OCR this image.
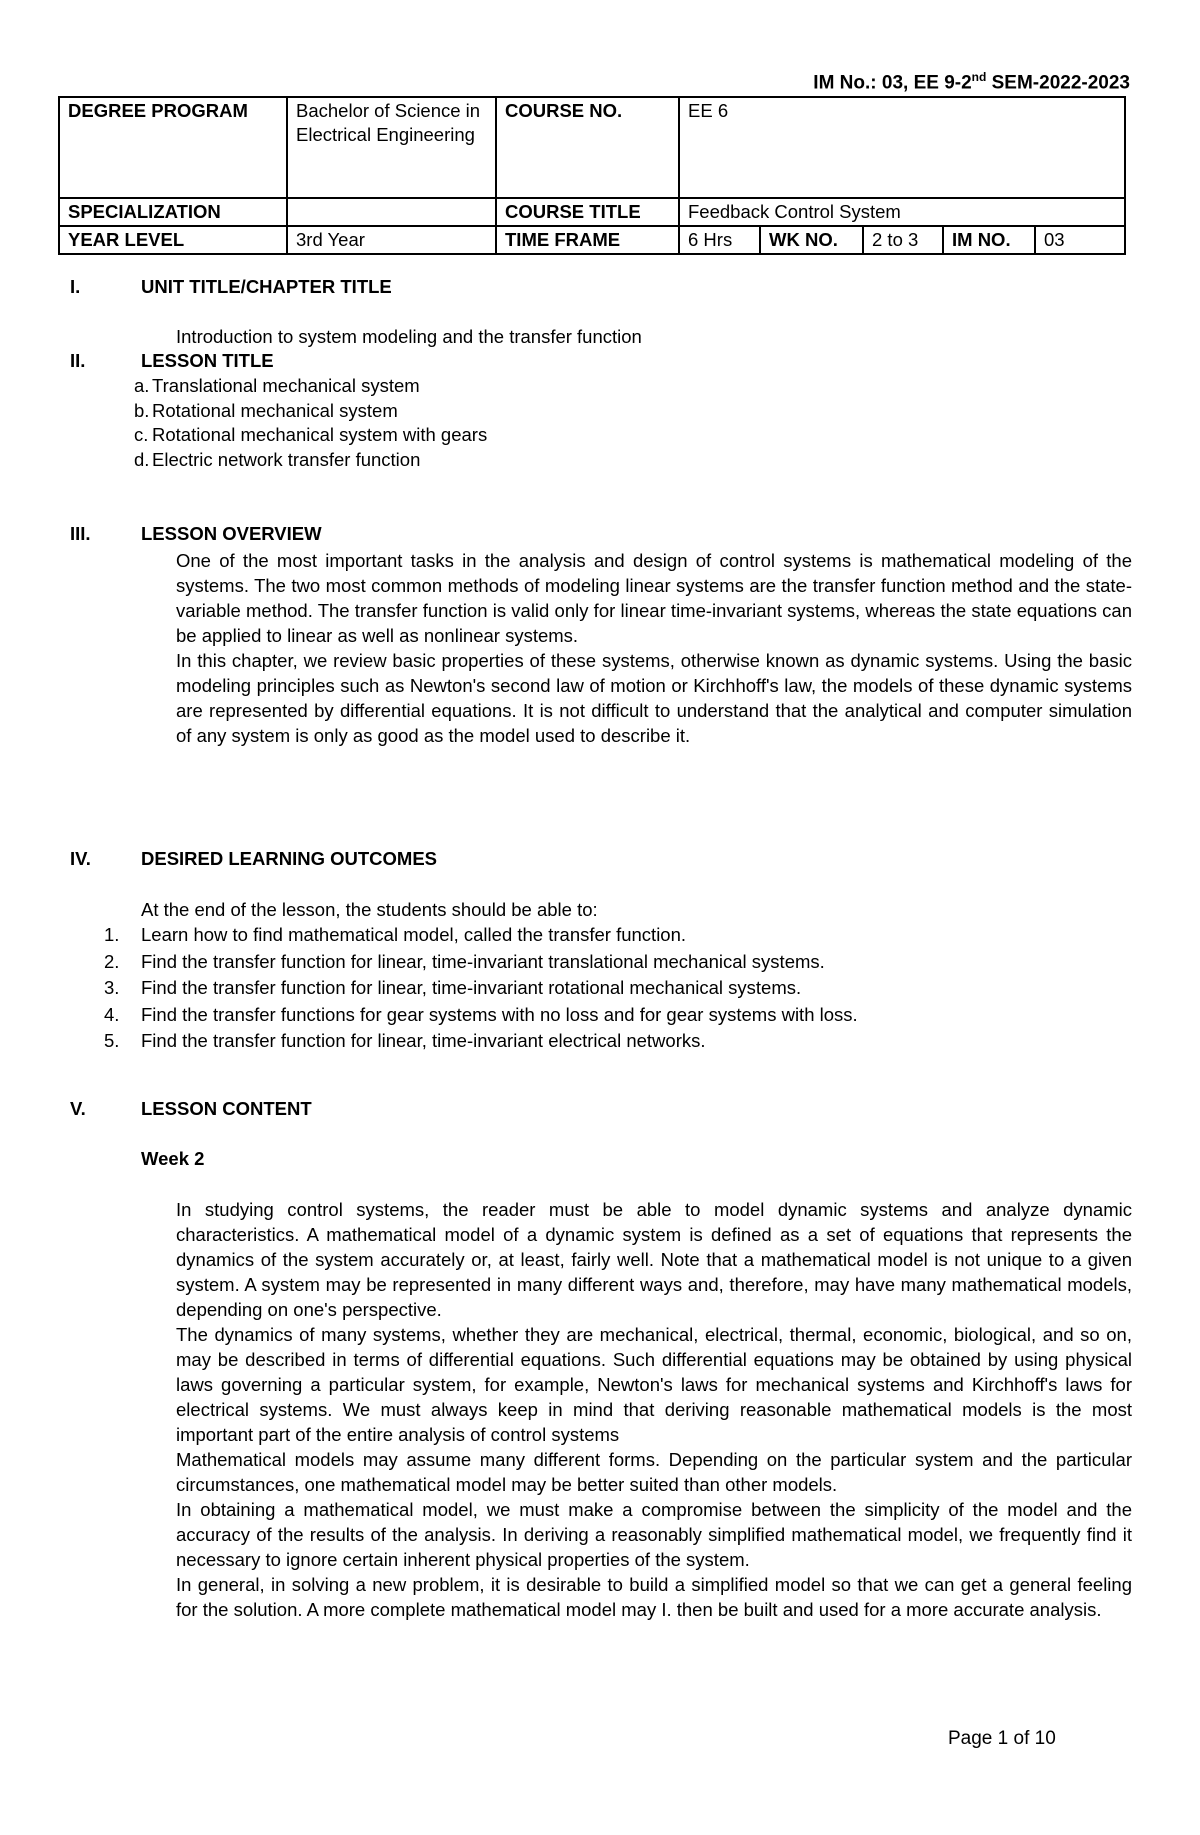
IM No.: 03, EE 9-2nd SEM-2022-2023
DEGREE PROGRAM	Bachelor of Science in Electrical Engineering	COURSE NO.	EE 6
SPECIALIZATION		COURSE TITLE	Feedback Control System
YEAR LEVEL	3rd Year	TIME FRAME		6 Hrs	WK NO.	2 to 3	IM NO.	03
I.	UNIT TITLE/CHAPTER TITLE
Introduction to system modeling and the transfer function
II.	LESSON TITLE
a. Translational mechanical system
b. Rotational mechanical system
c. Rotational mechanical system with gears
d. Electric network transfer function
III.	LESSON OVERVIEW

One of the most important tasks in the analysis and design of control systems is mathematical modeling of the systems. The two most common methods of modeling linear systems are the transfer function method and the state-variable method. The transfer function is valid only for linear time-invariant systems, whereas the state equations can be applied to linear as well as nonlinear systems.

In this chapter, we review basic properties of these systems, otherwise known as dynamic systems. Using the basic modeling principles such as Newton's second law of motion or Kirchhoff's law, the models of these dynamic systems are represented by differential equations. It is not difficult to understand that the analytical and computer simulation of any system is only as good as the model used to describe it.

IV.	DESIRED LEARNING OUTCOMES
At the end of the lesson, the students should be able to:
1. Learn how to find mathematical model, called the transfer function.
2. Find the transfer function for linear, time-invariant translational mechanical systems.
3. Find the transfer function for linear, time-invariant rotational mechanical systems.
4. Find the transfer functions for gear systems with no loss and for gear systems with loss.
5. Find the transfer function for linear, time-invariant electrical networks.
V.	LESSON CONTENT
Week 2

In studying control systems, the reader must be able to model dynamic systems and analyze dynamic characteristics. A mathematical model of a dynamic system is defined as a set of equations that represents the dynamics of the system accurately or, at least, fairly well. Note that a mathematical model is not unique to a given system. A system may be represented in many different ways and, therefore, may have many mathematical models, depending on one's perspective.

The dynamics of many systems, whether they are mechanical, electrical, thermal, economic, biological, and so on, may be described in terms of differential equations. Such differential equations may be obtained by using physical laws governing a particular system, for example, Newton's laws for mechanical systems and Kirchhoff's laws for electrical systems. We must always keep in mind that deriving reasonable mathematical models is the most important part of the entire analysis of control systems

Mathematical models may assume many different forms. Depending on the particular system and the particular circumstances, one mathematical model may be better suited than other models.

In obtaining a mathematical model, we must make a compromise between the simplicity of the model and the accuracy of the results of the analysis. In deriving a reasonably simplified mathematical model, we frequently find it necessary to ignore certain inherent physical properties of the system.

In general, in solving a new problem, it is desirable to build a simplified model so that we can get a general feeling for the solution. A more complete mathematical model may I. then be built and used for a more accurate analysis.

Page 1 of 10
